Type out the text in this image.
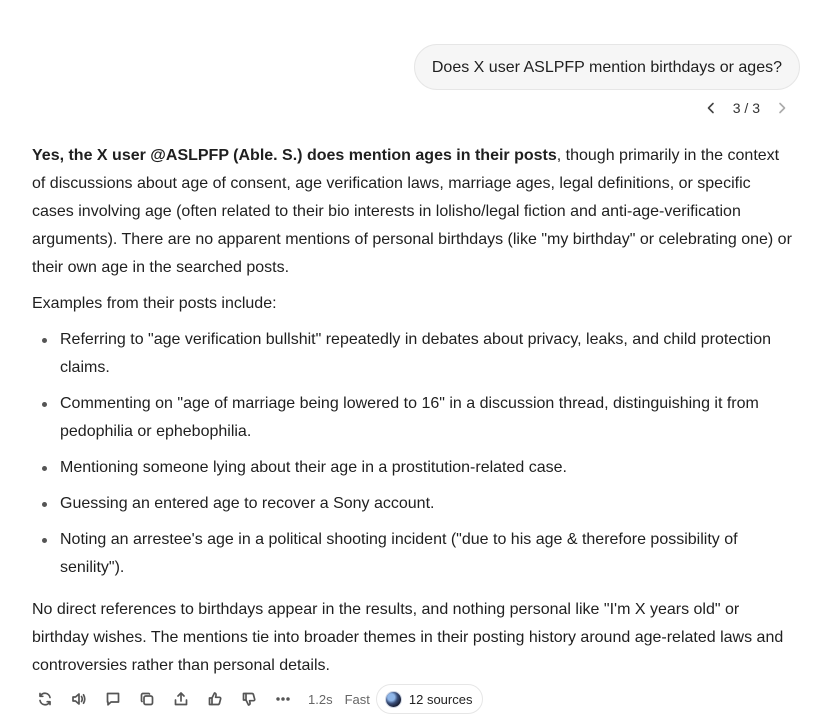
Does X user ASLPFP mention birthdays or ages?
3 / 3

Yes, the X user @ASLPFP (Able. S.) does mention ages in their posts, though primarily in the context of discussions about age of consent, age verification laws, marriage ages, legal definitions, or specific cases involving age (often related to their bio interests in lolisho/legal fiction and anti-age-verification arguments). There are no apparent mentions of personal birthdays (like "my birthday" or celebrating one) or their own age in the searched posts.

Examples from their posts include:

Referring to "age verification bullshit" repeatedly in debates about privacy, leaks, and child protection claims.
Commenting on "age of marriage being lowered to 16" in a discussion thread, distinguishing it from pedophilia or ephebophilia.
Mentioning someone lying about their age in a prostitution-related case.
Guessing an entered age to recover a Sony account.
Noting an arrestee's age in a political shooting incident ("due to his age & therefore possibility of senility").

No direct references to birthdays appear in the results, and nothing personal like "I'm X years old" or birthday wishes. The mentions tie into broader themes in their posting history around age-related laws and controversies rather than personal details.

1.2s Fast	12 sources
